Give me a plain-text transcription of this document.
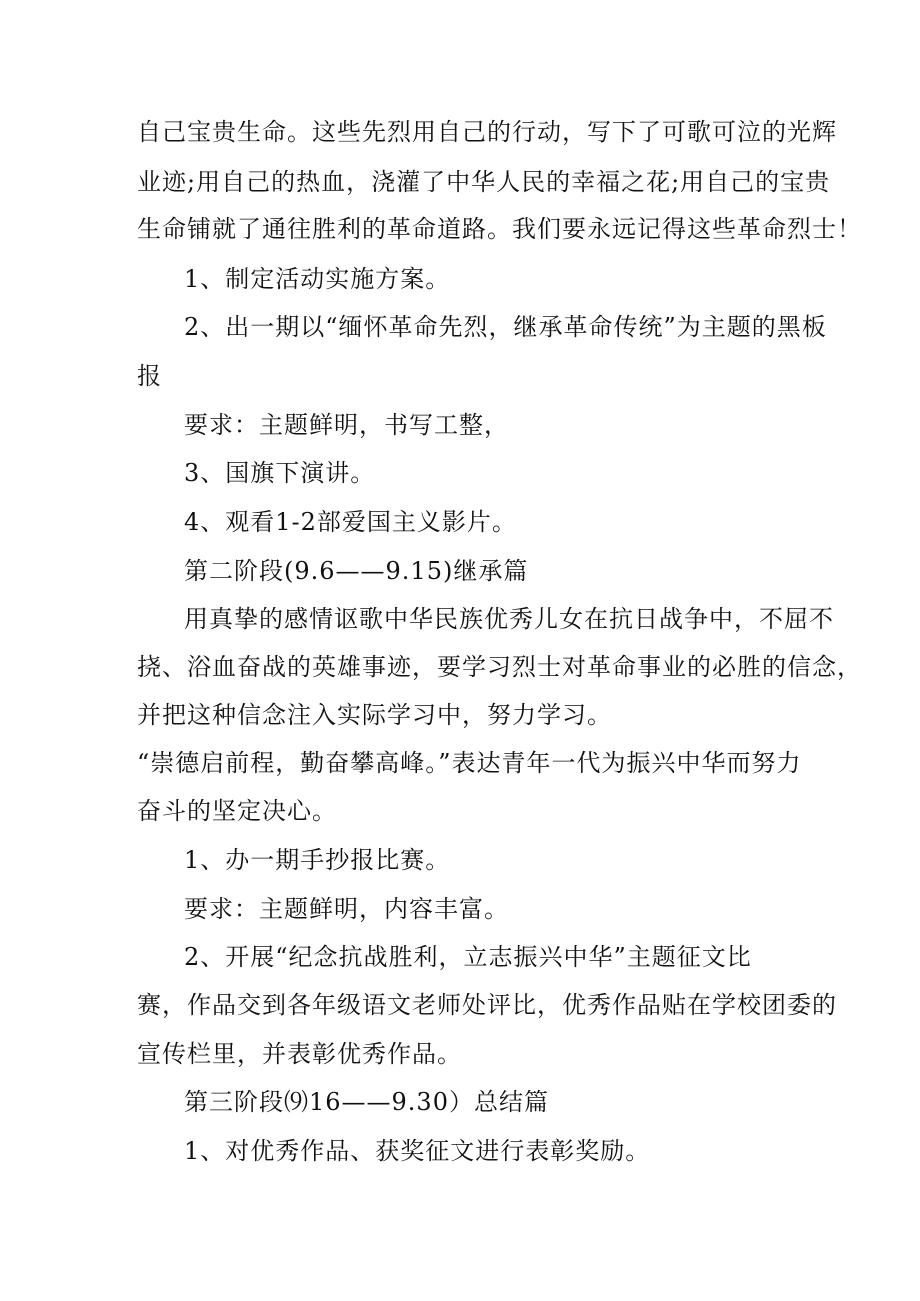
自己宝贵生命。这些先烈用自己的行动，写下了可歌可泣的光辉
业迹;用自己的热血，浇灌了中华人民的幸福之花;用自己的宝贵
生命铺就了通往胜利的革命道路。我们要永远记得这些革命烈士！
1、制定活动实施方案。
2、出一期以“缅怀革命先烈，继承革命传统”为主题的黑板
报
要求：主题鲜明，书写工整，
3、国旗下演讲。
4、观看1-2部爱国主义影片。
第二阶段(9.6——9.15)继承篇
用真挚的感情讴歌中华民族优秀儿女在抗日战争中，不屈不
挠、浴血奋战的英雄事迹，要学习烈士对革命事业的必胜的信念，
并把这种信念注入实际学习中，努力学习。
“崇德启前程，勤奋攀高峰。”表达青年一代为振兴中华而努力
奋斗的坚定决心。
1、办一期手抄报比赛。
要求：主题鲜明，内容丰富。
2、开展“纪念抗战胜利，立志振兴中华”主题征文比
赛，作品交到各年级语文老师处评比，优秀作品贴在学校团委的
宣传栏里，并表彰优秀作品。
第三阶段⑼16——9.30）总结篇
1、对优秀作品、获奖征文进行表彰奖励。
